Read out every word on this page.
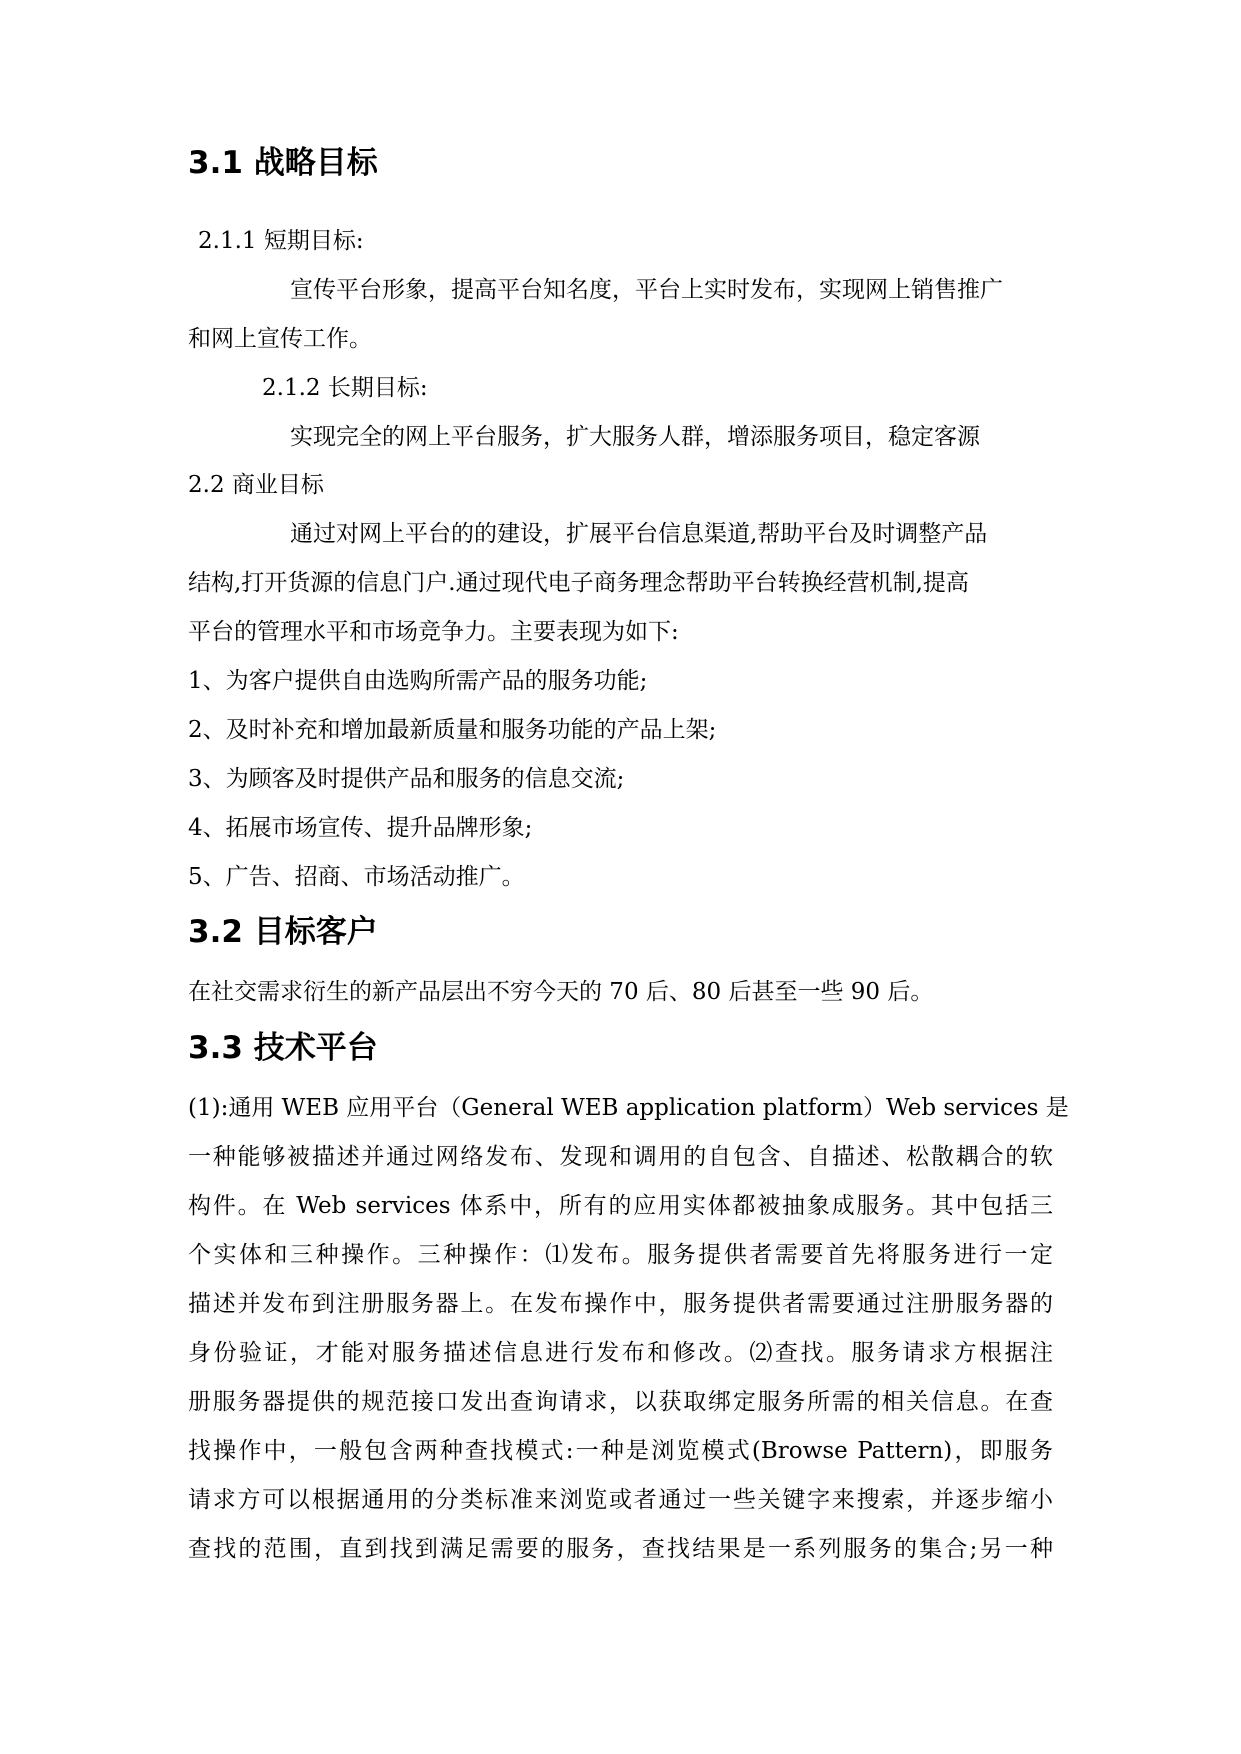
3.1 战略目标
2.1.1 短期目标:
宣传平台形象，提高平台知名度，平台上实时发布，实现网上销售推广
和网上宣传工作。
2.1.2 长期目标:
实现完全的网上平台服务，扩大服务人群，增添服务项目，稳定客源
2.2 商业目标
通过对网上平台的的建设，扩展平台信息渠道,帮助平台及时调整产品
结构,打开货源的信息门户.通过现代电子商务理念帮助平台转换经营机制,提高
平台的管理水平和市场竞争力。主要表现为如下:
1、为客户提供自由选购所需产品的服务功能;
2、及时补充和增加最新质量和服务功能的产品上架;
3、为顾客及时提供产品和服务的信息交流;
4、拓展市场宣传、提升品牌形象;
5、广告、招商、市场活动推广。
3.2 目标客户
在社交需求衍生的新产品层出不穷今天的 70 后、80 后甚至一些 90 后。
3.3 技术平台
(1):通用 WEB 应用平台（General WEB application platform）Web services 是
一种能够被描述并通过网络发布、发现和调用的自包含、自描述、松散耦合的软
构件。在 Web services 体系中，所有的应用实体都被抽象成服务。其中包括三
个实体和三种操作。三种操作：⑴发布。服务提供者需要首先将服务进行一定
描述并发布到注册服务器上。在发布操作中，服务提供者需要通过注册服务器的
身份验证，才能对服务描述信息进行发布和修改。⑵查找。服务请求方根据注
册服务器提供的规范接口发出查询请求，以获取绑定服务所需的相关信息。在查
找操作中，一般包含两种查找模式:一种是浏览模式(Browse Pattern)，即服务
请求方可以根据通用的分类标准来浏览或者通过一些关键字来搜索，并逐步缩小
查找的范围，直到找到满足需要的服务，查找结果是一系列服务的集合;另一种
